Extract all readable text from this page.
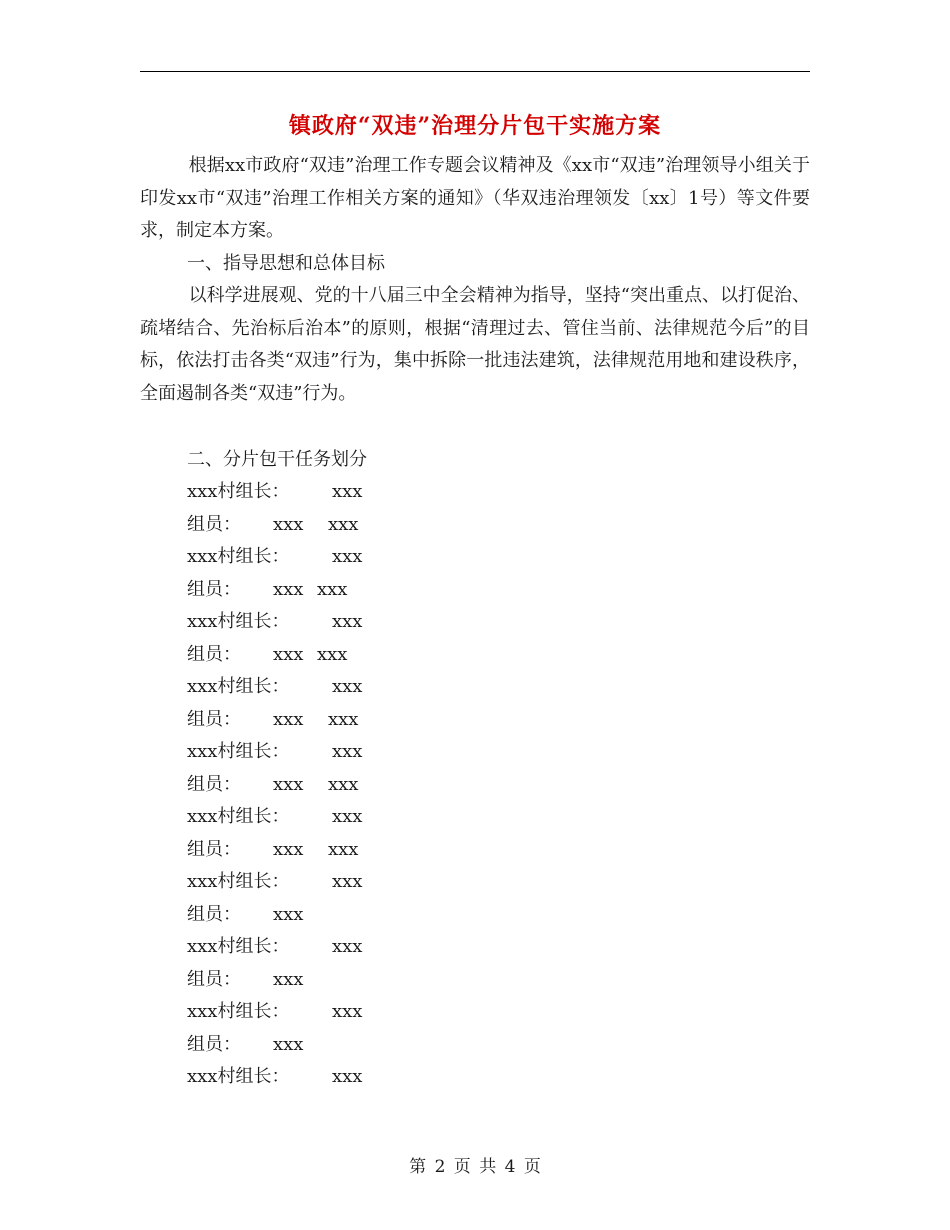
镇政府“双违”治理分片包干实施方案

根据xx市政府“双违”治理工作专题会议精神及《xx市“双违”治理领导小组关于印发xx市“双违”治理工作相关方案的通知》（华双违治理领发〔xx〕1号）等文件要求，制定本方案。

一、指导思想和总体目标

以科学进展观、党的十八届三中全会精神为指导，坚持“突出重点、以打促治、疏堵结合、先治标后治本”的原则，根据“清理过去、管住当前、法律规范今后”的目标，依法打击各类“双违”行为，集中拆除一批违法建筑，法律规范用地和建设秩序，全面遏制各类“双违”行为。

二、分片包干任务划分
xxx村组长： xxx
组员： xxx xxx
xxx村组长： xxx
组员： xxx xxx
xxx村组长： xxx
组员： xxx xxx
xxx村组长： xxx
组员： xxx xxx
xxx村组长： xxx
组员： xxx xxx
xxx村组长： xxx
组员： xxx xxx
xxx村组长： xxx
组员： xxx
xxx村组长： xxx
组员： xxx
xxx村组长： xxx
组员： xxx
xxx村组长： xxx
第 2 页 共 4 页
